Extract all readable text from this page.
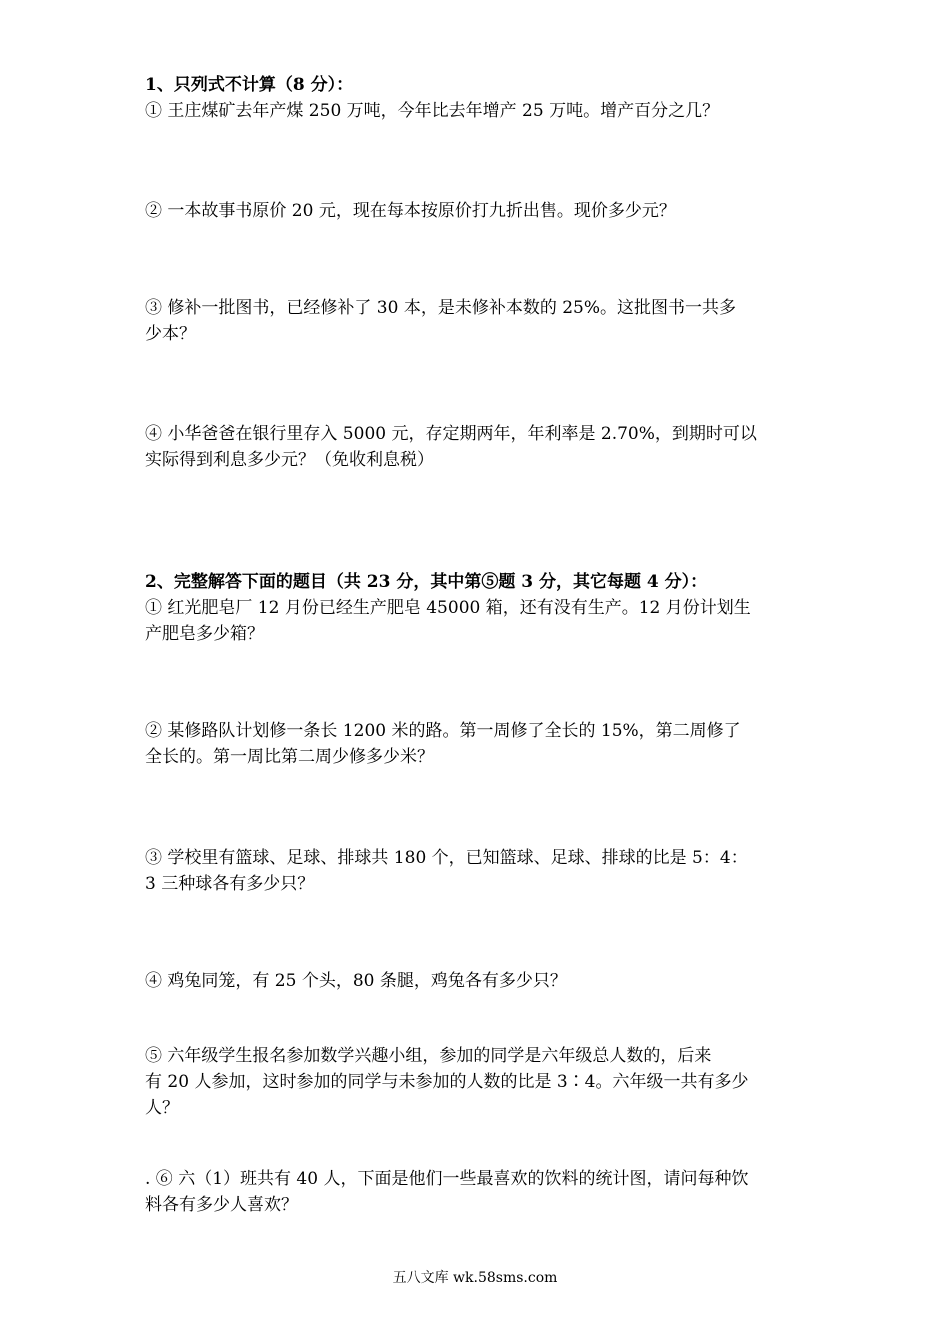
1、只列式不计算（8 分）：
① 王庄煤矿去年产煤 250 万吨，今年比去年增产 25 万吨。增产百分之几？
② 一本故事书原价 20 元，现在每本按原价打九折出售。现价多少元？
③ 修补一批图书，已经修补了 30 本，是未修补本数的 25%。这批图书一共多
少本？
④ 小华爸爸在银行里存入 5000 元，存定期两年，年利率是 2.70%，到期时可以
实际得到利息多少元？（免收利息税）
2、完整解答下面的题目（共 23 分，其中第⑤题 3 分，其它每题 4 分）：
① 红光肥皂厂 12 月份已经生产肥皂 45000 箱，还有没有生产。12 月份计划生
产肥皂多少箱？
② 某修路队计划修一条长 1200 米的路。第一周修了全长的 15%，第二周修了
全长的。第一周比第二周少修多少米？
③ 学校里有篮球、足球、排球共 180 个，已知篮球、足球、排球的比是 5：4：
3 三种球各有多少只？
④ 鸡兔同笼，有 25 个头，80 条腿，鸡兔各有多少只？
⑤ 六年级学生报名参加数学兴趣小组，参加的同学是六年级总人数的，后来
有 20 人参加，这时参加的同学与未参加的人数的比是 3∶4。六年级一共有多少
人？
. ⑥ 六（1）班共有 40 人，下面是他们一些最喜欢的饮料的统计图，请问每种饮
料各有多少人喜欢？
五八文库 wk.58sms.com
